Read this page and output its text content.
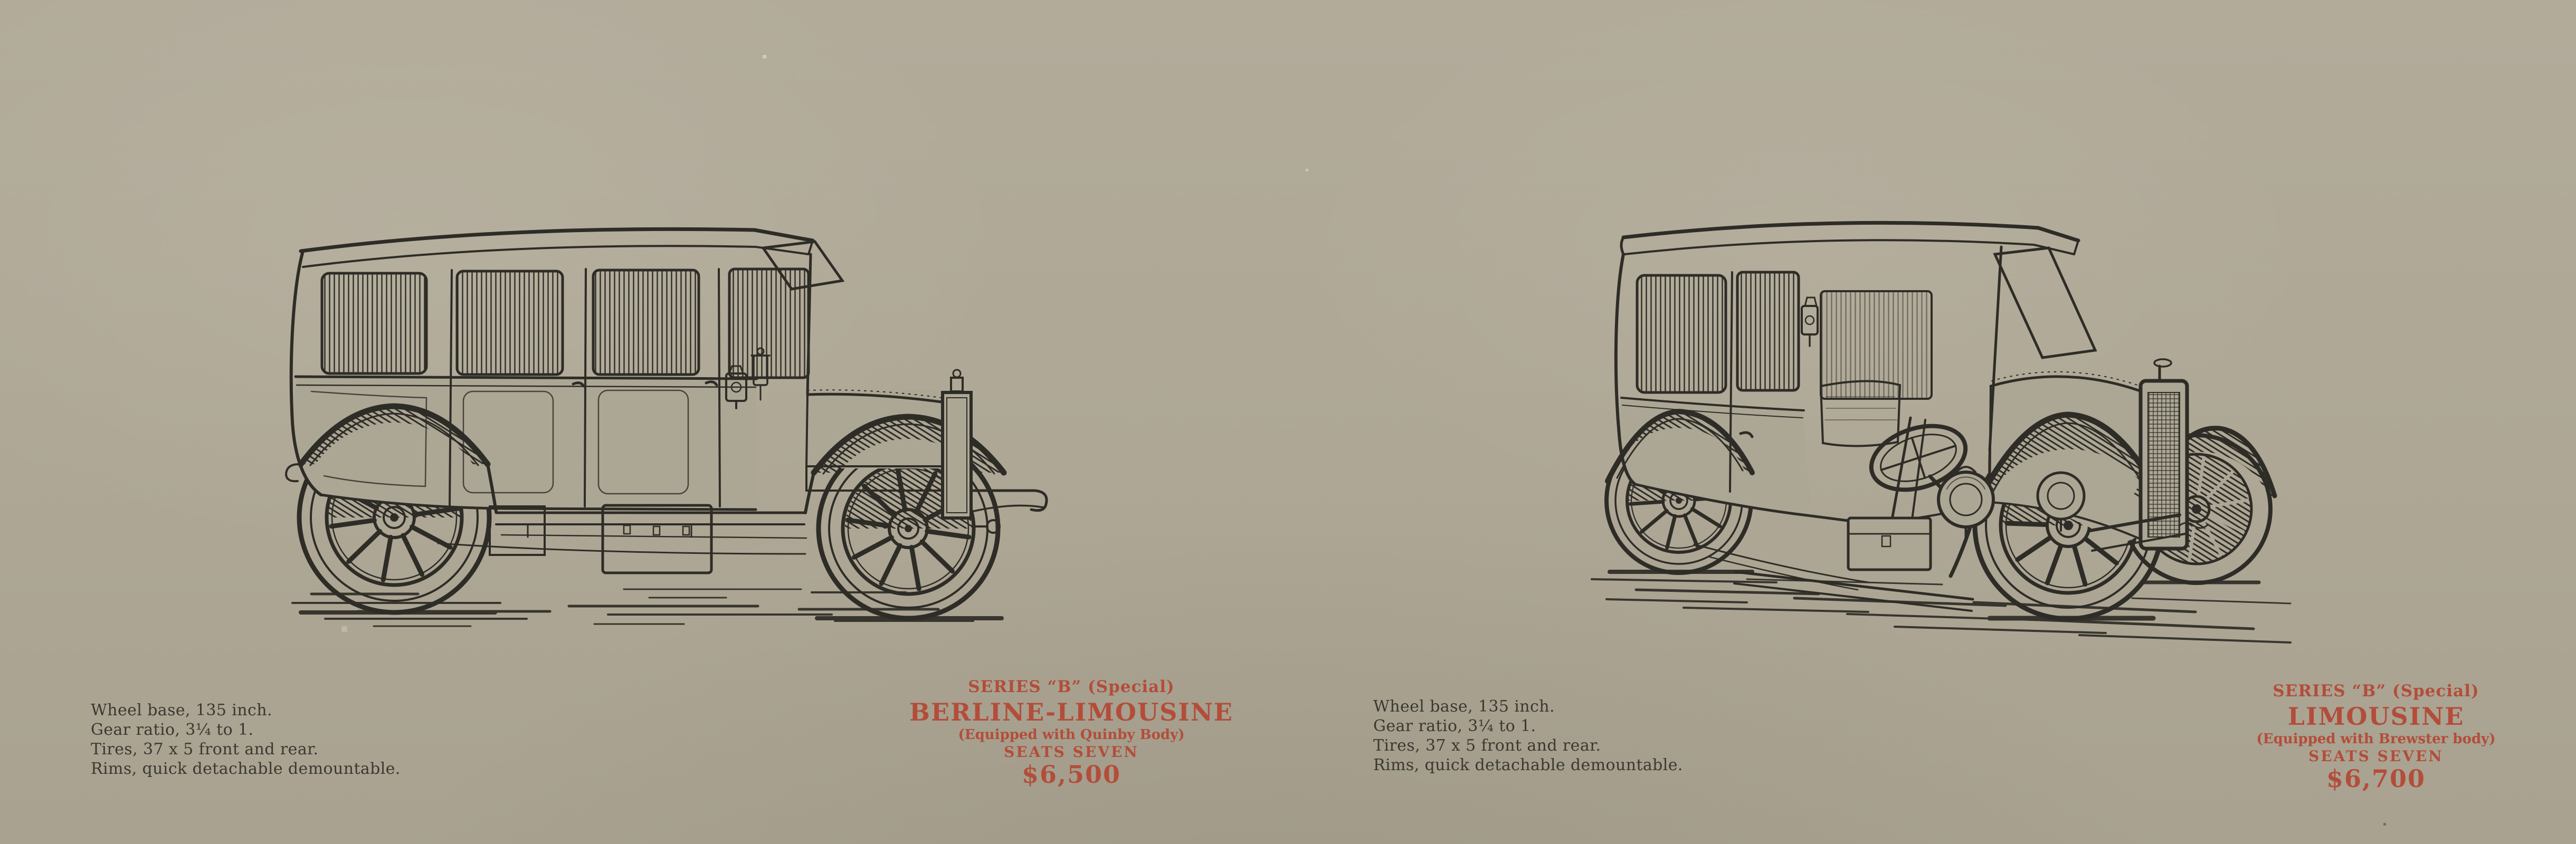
Wheel base, 135 inch.
Gear ratio, 3¼ to 1.
Tires, 37 x 5 front and rear.
Rims, quick detachable demountable.
SERIES “B” (Special)
BERLINE-LIMOUSINE
(Equipped with Quinby Body)
SEATS SEVEN
$6,500
Wheel base, 135 inch.
Gear ratio, 3¼ to 1.
Tires, 37 x 5 front and rear.
Rims, quick detachable demountable.
SERIES “B” (Special)
LIMOUSINE
(Equipped with Brewster body)
SEATS SEVEN
$6,700
